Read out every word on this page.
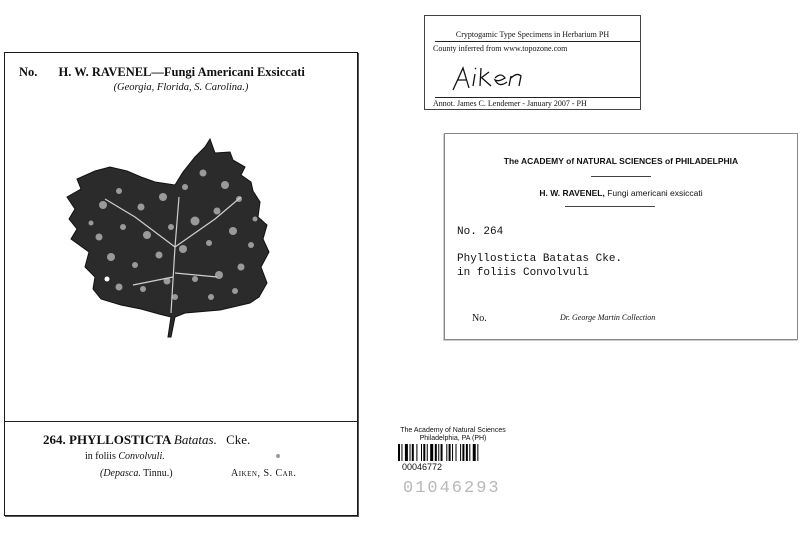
No. H. W. RAVENEL—Fungi Americani Exsiccati
(Georgia, Florida, S. Carolina.)
264. PHYLLOSTICTA Batatas. Cke.
in foliis Convolvuli.
(Depasca. Tinnu.)	Aiken, S. Car.
Cryptogamic Type Specimens in Herbarium PH
County inferred from www.topozone.com
Annot. James C. Lendemer - January 2007 - PH
The ACADEMY of NATURAL SCIENCES of PHILADELPHIA
H. W. RAVENEL, Fungi americani exsiccati
No. 264
Phyllosticta Batatas Cke.
in foliis Convolvuli
No.	Dr. George Martin Collection
The Academy of Natural Sciences
Philadelphia, PA (PH)
00046772
01046293
